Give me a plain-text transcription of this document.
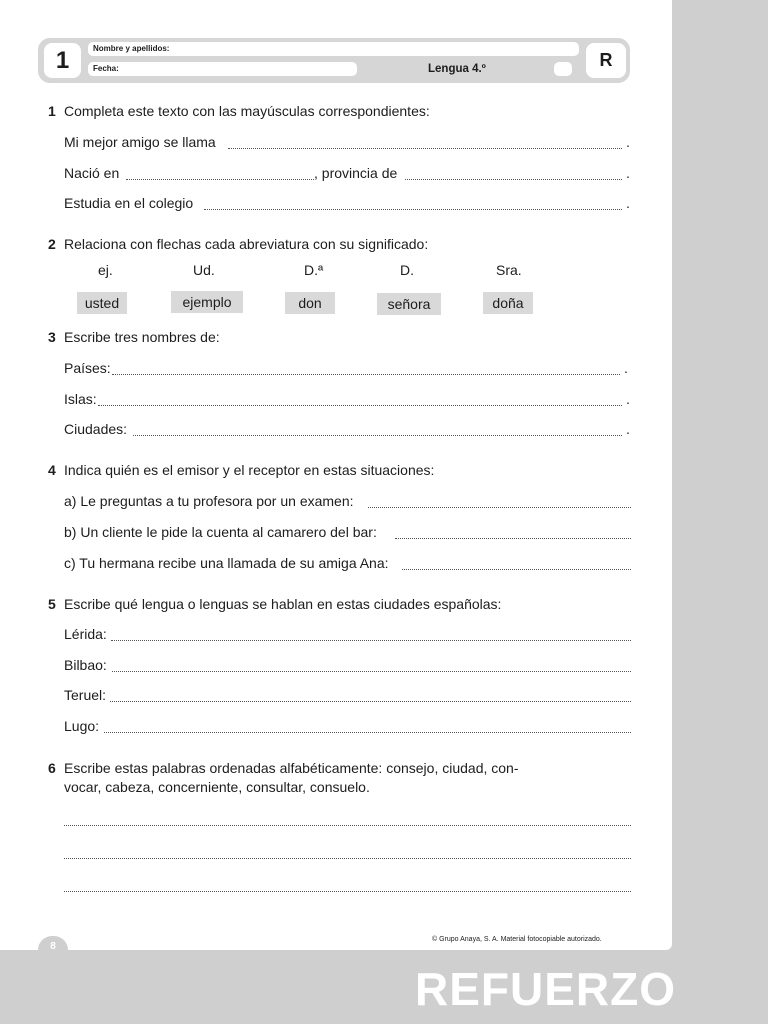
1	Nombre y apellidos:
Fecha:	Lengua 4.º	R
1 Completa este texto con las mayúsculas correspondientes:
Mi mejor amigo se llama	.
Nació en	, provincia de	.
Estudia en el colegio	.
2 Relaciona con flechas cada abreviatura con su significado:
ej.	Ud.	D.ª	D.	Sra.
usted	ejemplo	don	señora	doña
3 Escribe tres nombres de:
Países:	.
Islas:	.
Ciudades:	.
4 Indica quién es el emisor y el receptor en estas situaciones:
a) Le preguntas a tu profesora por un examen:
b) Un cliente le pide la cuenta al camarero del bar:
c) Tu hermana recibe una llamada de su amiga Ana:
5 Escribe qué lengua o lenguas se hablan en estas ciudades españolas:
Lérida:
Bilbao:
Teruel:
Lugo:
6 Escribe estas palabras ordenadas alfabéticamente: consejo, ciudad, con-
vocar, cabeza, concerniente, consultar, consuelo.
© Grupo Anaya, S. A. Material fotocopiable autorizado.
8
REFUERZO
